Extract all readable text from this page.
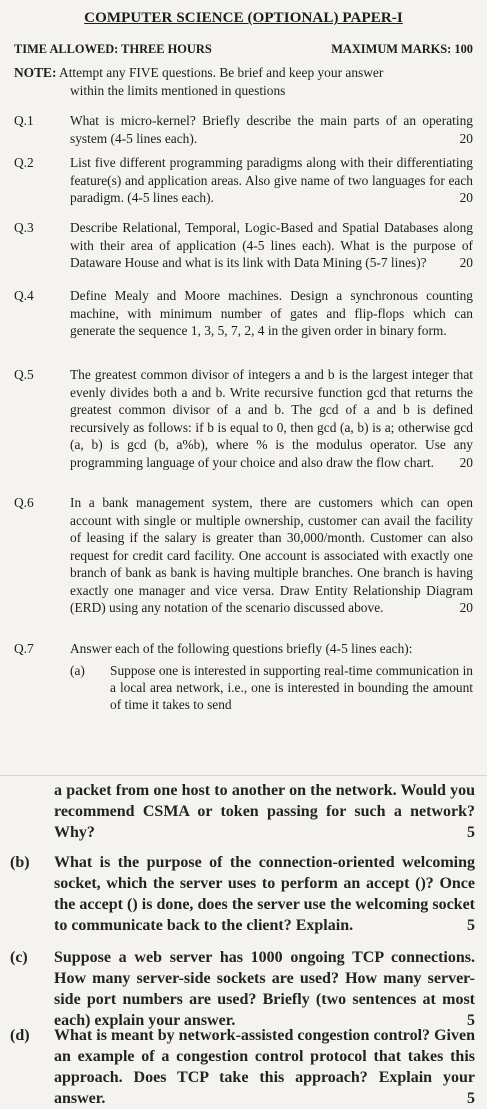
COMPUTER SCIENCE (OPTIONAL) PAPER-I
TIME ALLOWED: THREE HOURS	MAXIMUM MARKS: 100
NOTE: Attempt any FIVE questions. Be brief and keep your answer
within the limits mentioned in questions
Q.1	What is micro-kernel? Briefly describe the main parts of an operating system (4-5 lines each).	20
Q.2	List five different programming paradigms along with their differentiating feature(s) and application areas. Also give name of two languages for each paradigm. (4-5 lines each).	20
Q.3	Describe Relational, Temporal, Logic-Based and Spatial Databases along with their area of application (4-5 lines each). What is the purpose of Dataware House and what is its link with Data Mining (5-7 lines)? 20
Q.4	Define Mealy and Moore machines. Design a synchronous counting machine, with minimum number of gates and flip-flops which can generate the sequence 1, 3, 5, 7, 2, 4 in the given order in binary form.
Q.5	The greatest common divisor of integers a and b is the largest integer that evenly divides both a and b. Write recursive function gcd that returns the greatest common divisor of a and b. The gcd of a and b is defined recursively as follows: if b is equal to 0, then gcd (a, b) is a; otherwise gcd (a, b) is gcd (b, a%b), where % is the modulus operator. Use any programming language of your choice and also draw the flow chart. 20
Q.6	In a bank management system, there are customers which can open account with single or multiple ownership, customer can avail the facility of leasing if the salary is greater than 30,000/month. Customer can also request for credit card facility. One account is associated with exactly one branch of bank as bank is having multiple branches. One branch is having exactly one manager and vice versa. Draw Entity Relationship Diagram (ERD) using any notation of the scenario discussed above.	20
Q.7	Answer each of the following questions briefly (4-5 lines each):
(a) Suppose one is interested in supporting real-time communication in a local area network, i.e., one is interested in bounding the amount of time it takes to send
a packet from one host to another on the network. Would you recommend CSMA or token passing for such a network? Why?	5
(b) What is the purpose of the connection-oriented welcoming socket, which the server uses to perform an accept ()? Once the accept () is done, does the server use the welcoming socket to communicate back to the client? Explain.	5
(c) Suppose a web server has 1000 ongoing TCP connections. How many server-side sockets are used? How many server-side port numbers are used? Briefly (two sentences at most each) explain your answer.	5
(d) What is meant by network-assisted congestion control? Given an example of a congestion control protocol that takes this approach. Does TCP take this approach? Explain your answer.	5
